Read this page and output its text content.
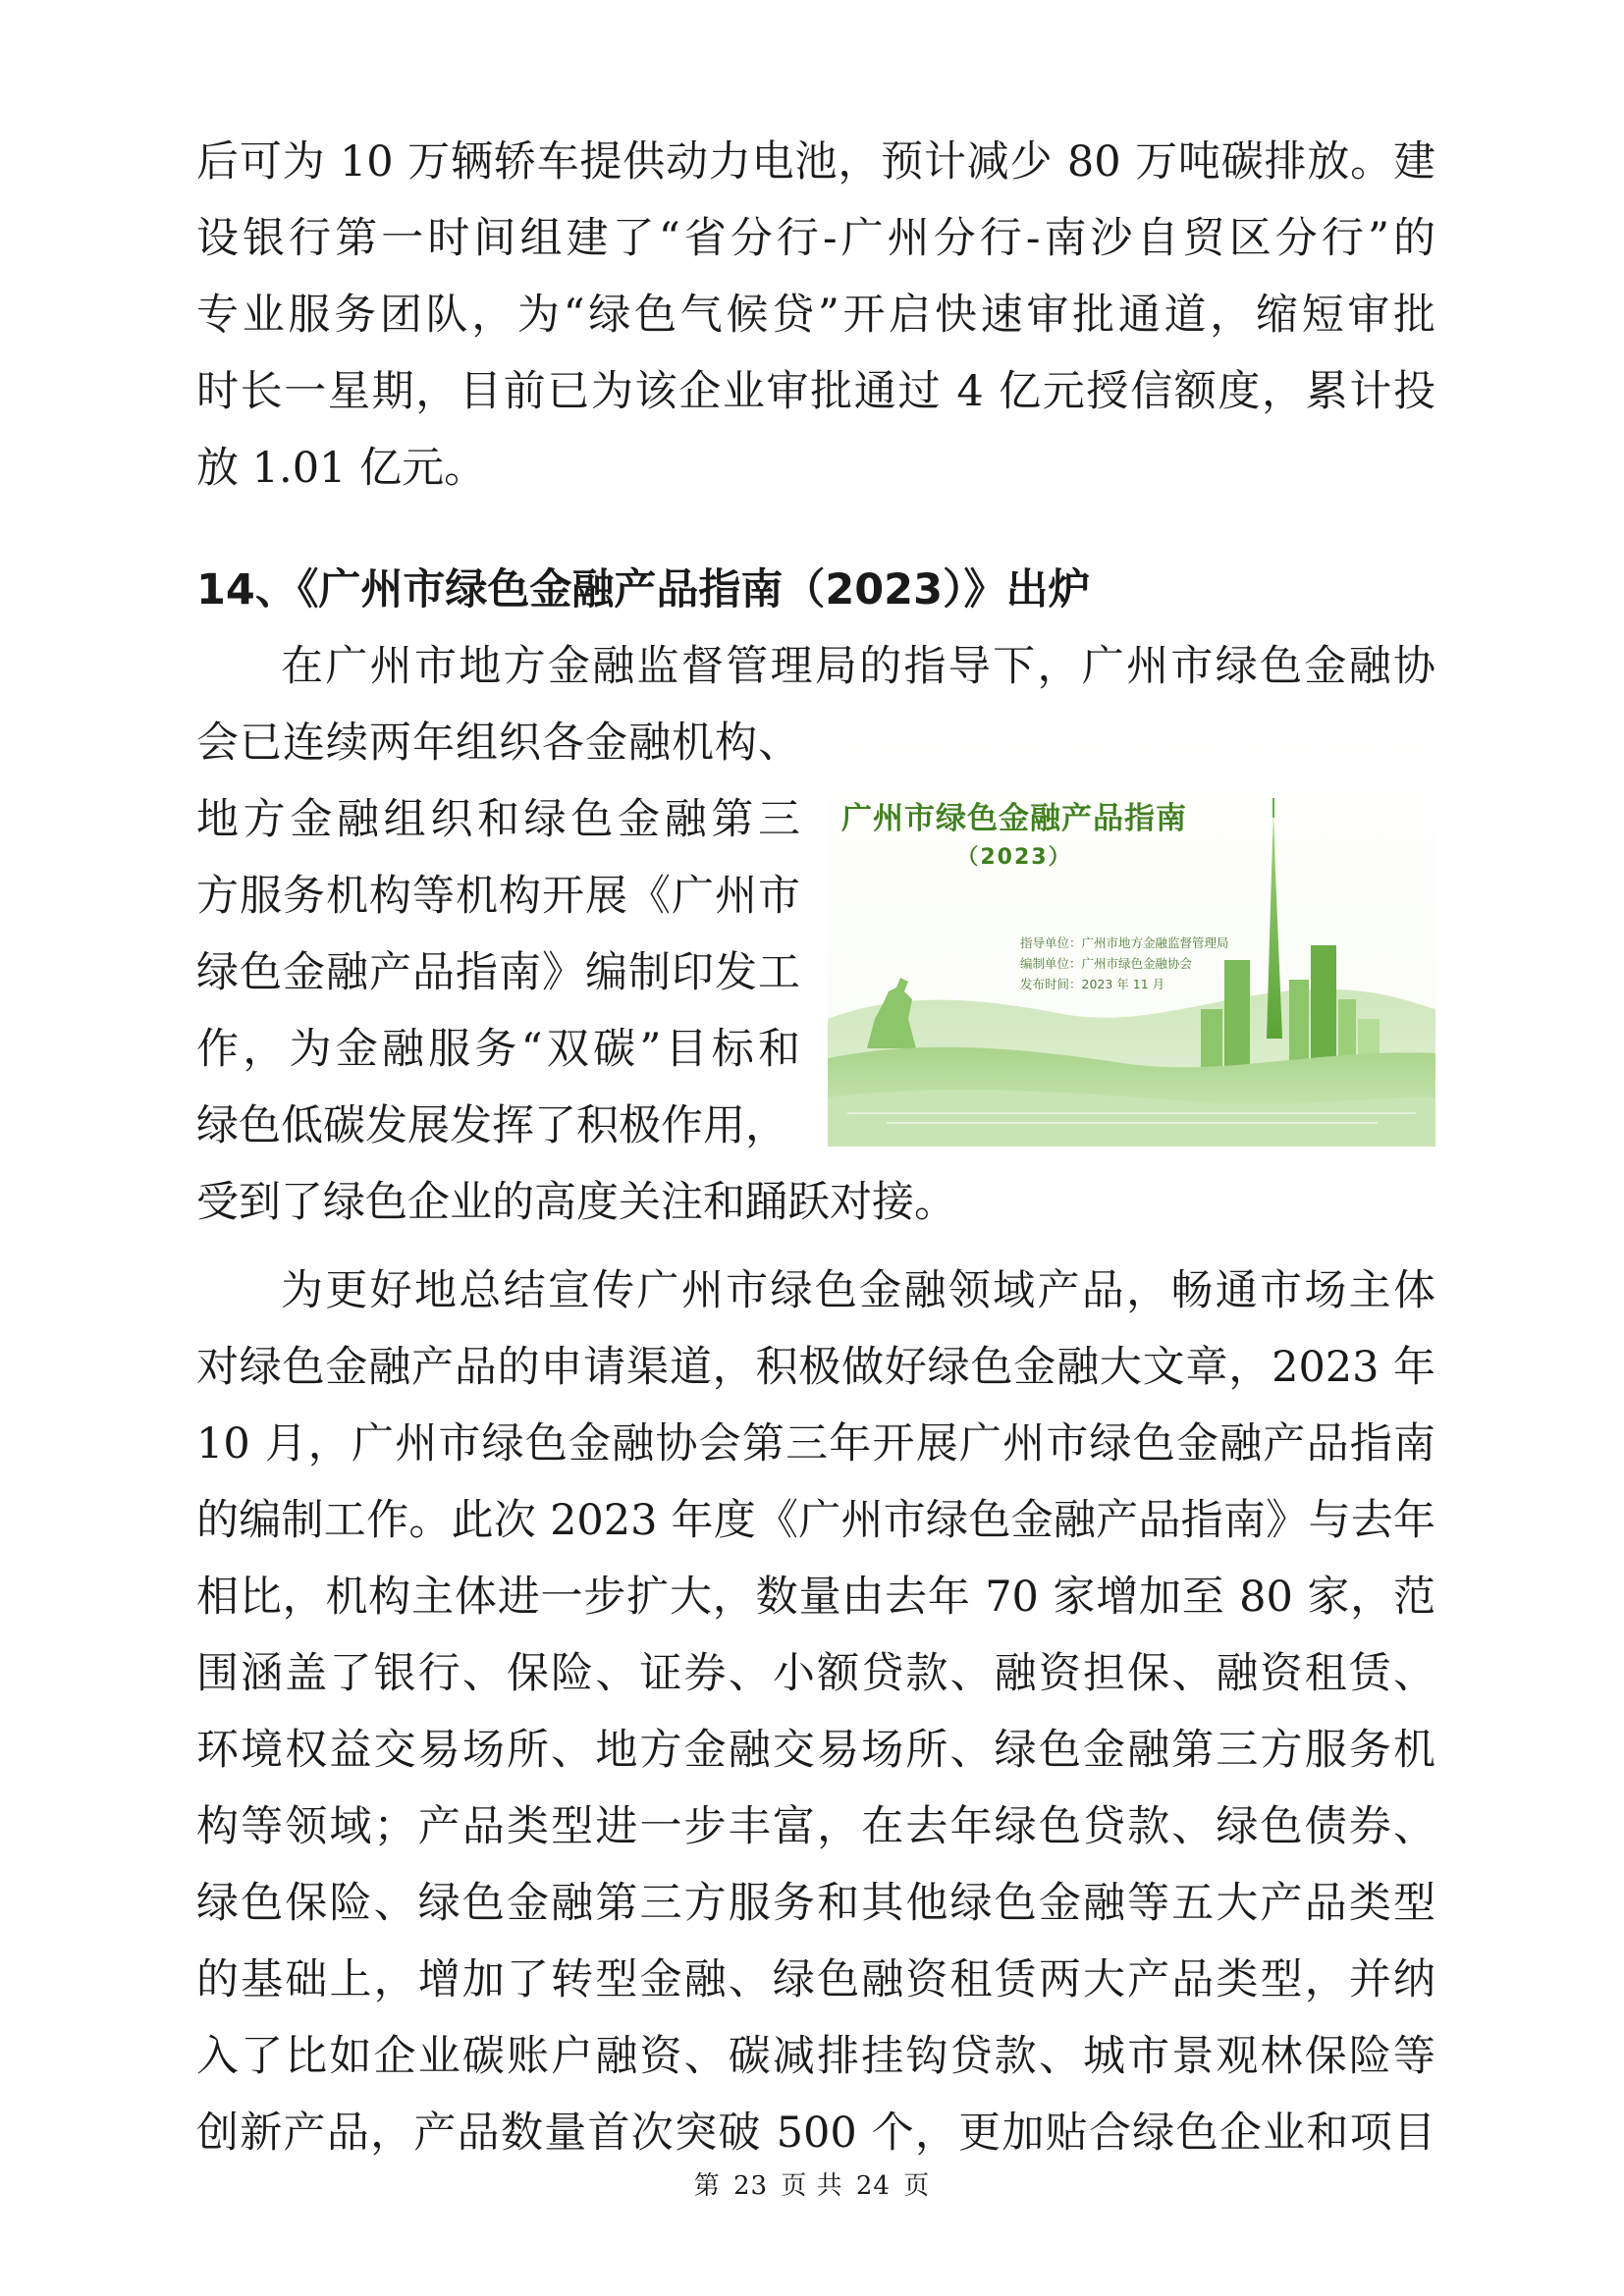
后可为 10 万辆轿车提供动力电池，预计减少 80 万吨碳排放。建
设银行第一时间组建了“省分行-广州分行-南沙自贸区分行”的
专业服务团队，为“绿色气候贷”开启快速审批通道，缩短审批
时长一星期，目前已为该企业审批通过 4 亿元授信额度，累计投
放 1.01 亿元。
14、《广州市绿色金融产品指南（2023）》出炉
在广州市地方金融监督管理局的指导下，广州市绿色金融协
会已连续两年组织各金融机构、
地方金融组织和绿色金融第三
方服务机构等机构开展《广州市
绿色金融产品指南》编制印发工
作，为金融服务“双碳”目标和
绿色低碳发展发挥了积极作用，
受到了绿色企业的高度关注和踊跃对接。
广州市绿色金融产品指南
（2023）
指导单位：广州市地方金融监督管理局
编制单位：广州市绿色金融协会
发布时间：2023 年 11 月
为更好地总结宣传广州市绿色金融领域产品，畅通市场主体
对绿色金融产品的申请渠道，积极做好绿色金融大文章，2023 年
10 月，广州市绿色金融协会第三年开展广州市绿色金融产品指南
的编制工作。此次 2023 年度《广州市绿色金融产品指南》与去年
相比，机构主体进一步扩大，数量由去年 70 家增加至 80 家，范
围涵盖了银行、保险、证券、小额贷款、融资担保、融资租赁、
环境权益交易场所、地方金融交易场所、绿色金融第三方服务机
构等领域；产品类型进一步丰富，在去年绿色贷款、绿色债券、
绿色保险、绿色金融第三方服务和其他绿色金融等五大产品类型
的基础上，增加了转型金融、绿色融资租赁两大产品类型，并纳
入了比如企业碳账户融资、碳减排挂钩贷款、城市景观林保险等
创新产品，产品数量首次突破 500 个，更加贴合绿色企业和项目
第 23 页 共 24 页
